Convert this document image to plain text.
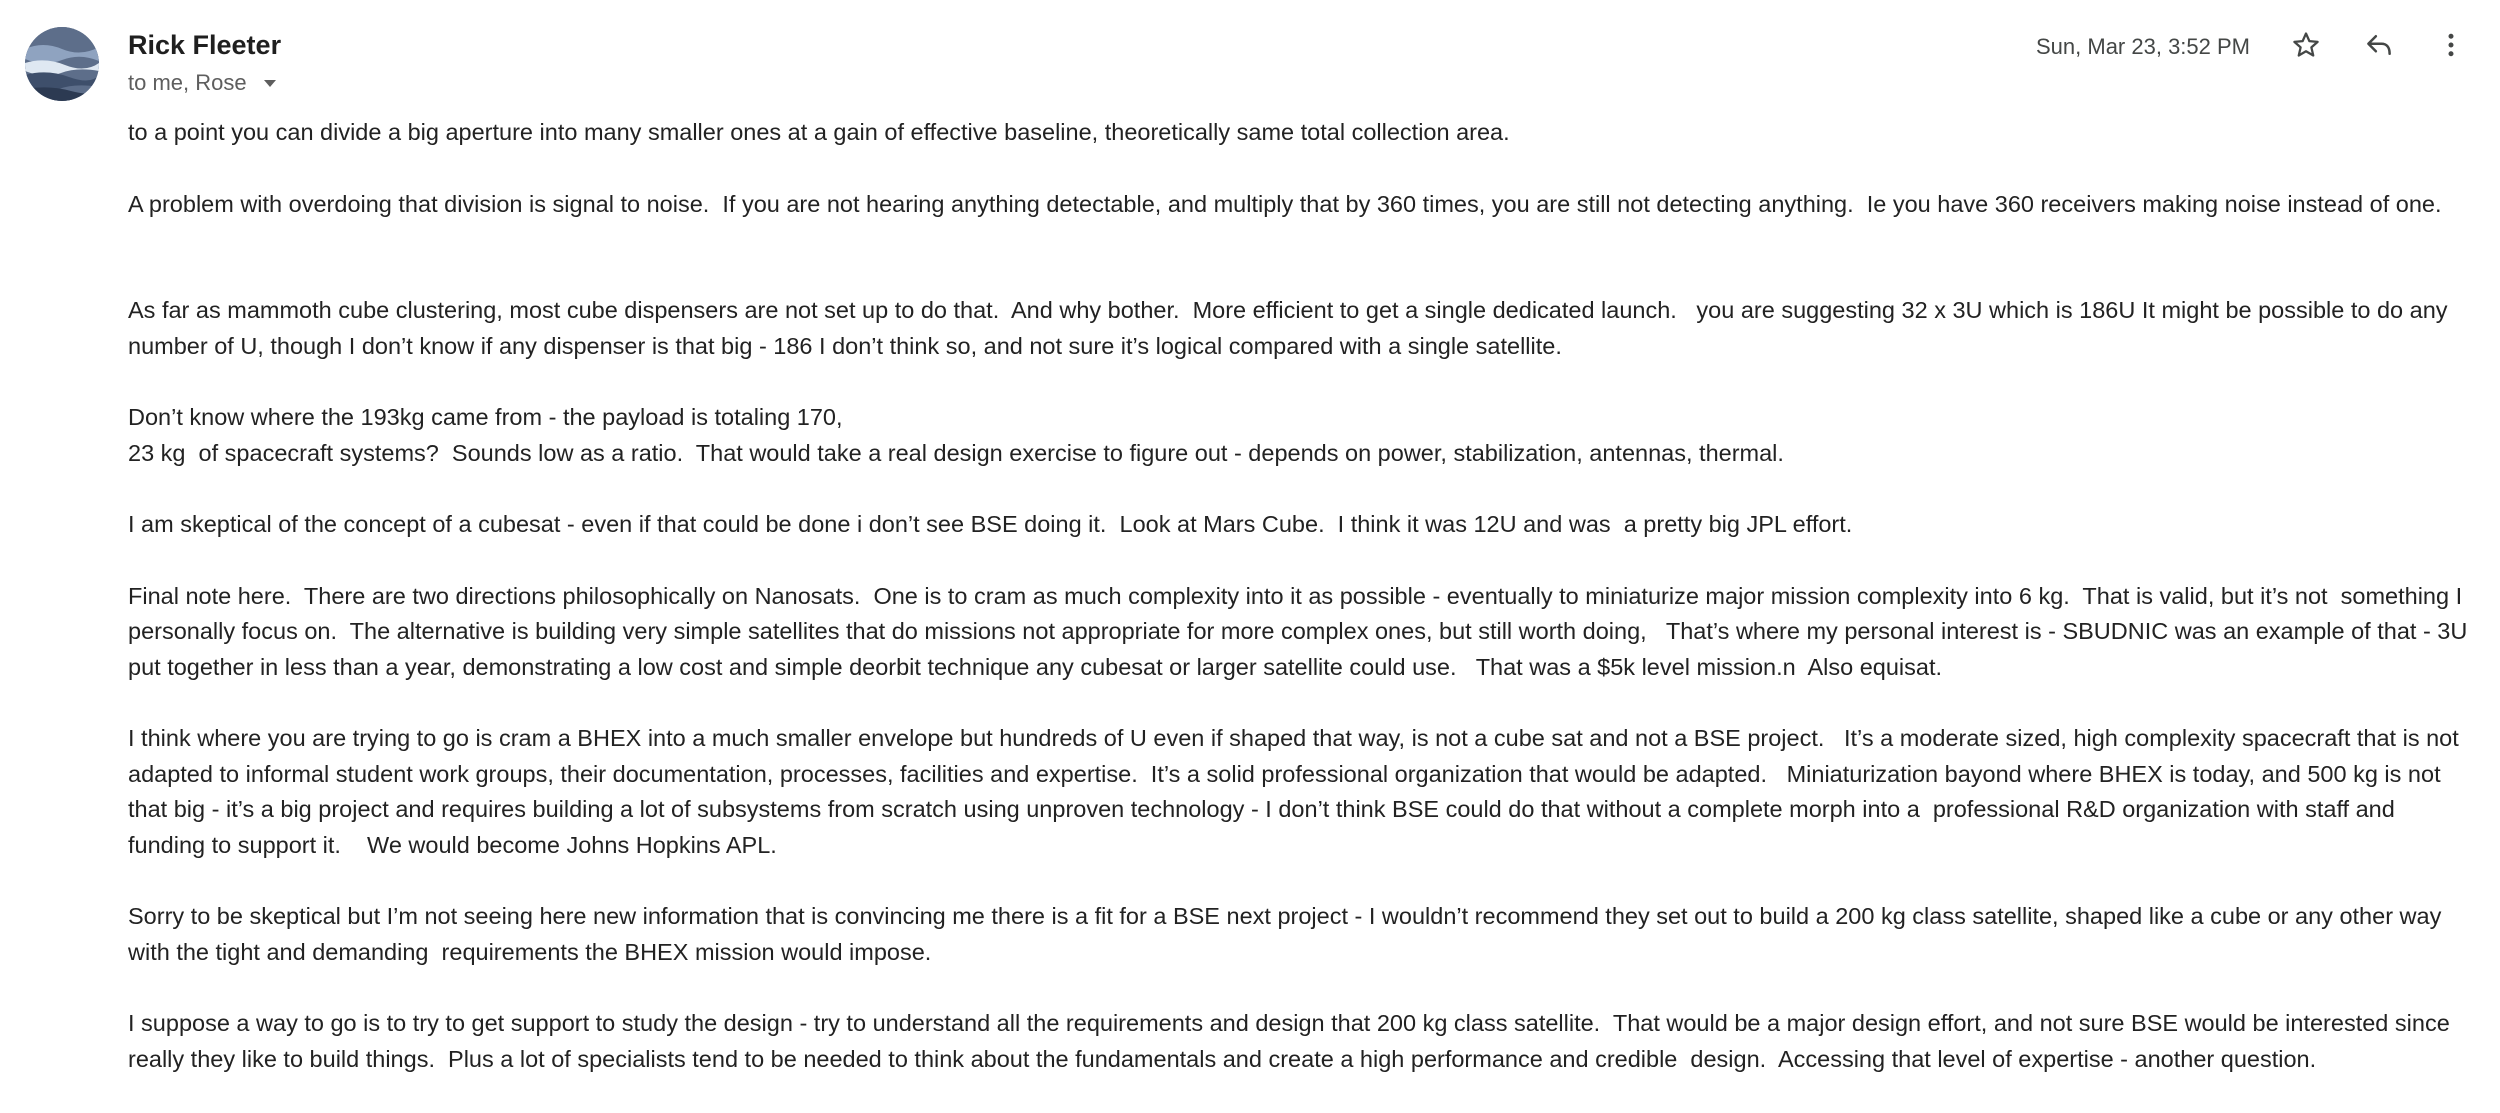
Rick Fleeter
to me, Rose
Sun, Mar 23, 3:52 PM

to a point you can divide a big aperture into many smaller ones at a gain of effective baseline, theoretically same total collection area.

A problem with overdoing that division is signal to noise.  If you are not hearing anything detectable, and multiply that by 360 times, you are still not detecting anything.  Ie you have 360 receivers making noise instead of one.

As far as mammoth cube clustering, most cube dispensers are not set up to do that.  And why bother.  More efficient to get a single dedicated launch.   you are suggesting 32 x 3U which is 186U It might be possible to do any number of U, though I don’t know if any dispenser is that big - 186 I don’t think so, and not sure it’s logical compared with a single satellite.

Don’t know where the 193kg came from - the payload is totaling 170,
23 kg  of spacecraft systems?  Sounds low as a ratio.  That would take a real design exercise to figure out - depends on power, stabilization, antennas, thermal.

I am skeptical of the concept of a cubesat - even if that could be done i don’t see BSE doing it.  Look at Mars Cube.  I think it was 12U and was  a pretty big JPL effort.

Final note here.  There are two directions philosophically on Nanosats.  One is to cram as much complexity into it as possible - eventually to miniaturize major mission complexity into 6 kg.  That is valid, but it’s not  something I personally focus on.  The alternative is building very simple satellites that do missions not appropriate for more complex ones, but still worth doing,   That’s where my personal interest is - SBUDNIC was an example of that - 3U put together in less than a year, demonstrating a low cost and simple deorbit technique any cubesat or larger satellite could use.   That was a $5k level mission.n  Also equisat.

I think where you are trying to go is cram a BHEX into a much smaller envelope but hundreds of U even if shaped that way, is not a cube sat and not a BSE project.   It’s a moderate sized, high complexity spacecraft that is not adapted to informal student work groups, their documentation, processes, facilities and expertise.  It’s a solid professional organization that would be adapted.   Miniaturization bayond where BHEX is today, and 500 kg is not that big - it’s a big project and requires building a lot of subsystems from scratch using unproven technology - I don’t think BSE could do that without a complete morph into a  professional R&D organization with staff and funding to support it.    We would become Johns Hopkins APL.

Sorry to be skeptical but I’m not seeing here new information that is convincing me there is a fit for a BSE next project - I wouldn’t recommend they set out to build a 200 kg class satellite, shaped like a cube or any other way with the tight and demanding  requirements the BHEX mission would impose.

I suppose a way to go is to try to get support to study the design - try to understand all the requirements and design that 200 kg class satellite.  That would be a major design effort, and not sure BSE would be interested since really they like to build things.  Plus a lot of specialists tend to be needed to think about the fundamentals and create a high performance and credible  design.  Accessing that level of expertise - another question.
